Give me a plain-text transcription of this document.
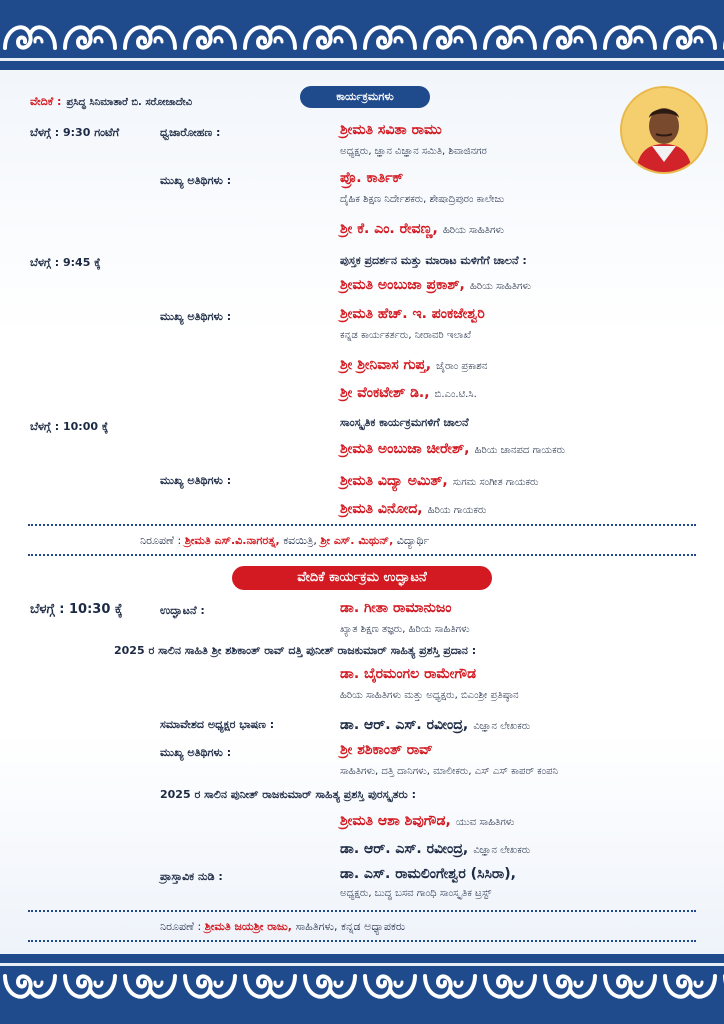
ವೇದಿಕೆ : ಪ್ರಸಿದ್ಧ ಸಿನಿಮಾತಾರೆ ಬಿ. ಸರೋಜಾದೇವಿ	ಕಾರ್ಯಕ್ರಮಗಳು
ಬೆಳಗ್ಗೆ : 9:30 ಗಂಟೆಗೆ	ಧ್ವಜಾರೋಹಣ :	ಶ್ರೀಮತಿ ಸವಿತಾ ರಾಮು
ಅಧ್ಯಕ್ಷರು, ಜ್ಞಾನ ವಿಜ್ಞಾನ ಸಮಿತಿ, ಶಿವಾಜಿನಗರ
ಮುಖ್ಯ ಅತಿಥಿಗಳು :	ಪ್ರೊ. ಕಾರ್ತಿಕ್
ದೈಹಿಕ ಶಿಕ್ಷಣ ನಿರ್ದೇಶಕರು, ಶೇಷಾದ್ರಿಪುರಂ ಕಾಲೇಜು
ಶ್ರೀ ಕೆ. ಎಂ. ರೇವಣ್ಣ, ಹಿರಿಯ ಸಾಹಿತಿಗಳು
ಬೆಳಗ್ಗೆ : 9:45 ಕ್ಕೆ	ಪುಸ್ತಕ ಪ್ರದರ್ಶನ ಮತ್ತು ಮಾರಾಟ ಮಳಿಗೆಗೆ ಚಾಲನೆ :
ಶ್ರೀಮತಿ ಅಂಬುಜಾ ಪ್ರಕಾಶ್, ಹಿರಿಯ ಸಾಹಿತಿಗಳು
ಮುಖ್ಯ ಅತಿಥಿಗಳು :	ಶ್ರೀಮತಿ ಹೆಚ್. ಇ. ಪಂಕಜೇಶ್ವರಿ
ಕನ್ನಡ ಕಾರ್ಯಕರ್ತರು, ನೀರಾವರಿ ಇಲಾಖೆ
ಶ್ರೀ ಶ್ರೀನಿವಾಸ ಗುಪ್ತ, ಜೈರಾಂ ಪ್ರಕಾಶನ
ಶ್ರೀ ವೆಂಕಟೇಶ್ ಡಿ., ಬಿ.ಎಂ.ಟಿ.ಸಿ.
ಬೆಳಗ್ಗೆ : 10:00 ಕ್ಕೆ	ಸಾಂಸ್ಕೃತಿಕ ಕಾರ್ಯಕ್ರಮಗಳಿಗೆ ಚಾಲನೆ
ಶ್ರೀಮತಿ ಅಂಬುಜಾ ಚೀರೇಶ್, ಹಿರಿಯ ಜಾನಪದ ಗಾಯಕರು
ಮುಖ್ಯ ಅತಿಥಿಗಳು :	ಶ್ರೀಮತಿ ವಿದ್ಯಾ ಅಮಿತ್, ಸುಗಮ ಸಂಗೀತ ಗಾಯಕರು
ಶ್ರೀಮತಿ ವಿನೋದ, ಹಿರಿಯ ಗಾಯಕರು
ನಿರೂಪಣೆ : ಶ್ರೀಮತಿ ಎಸ್.ವಿ.ನಾಗರತ್ನ, ಕವಯಿತ್ರಿ, ಶ್ರೀ ಎಸ್. ಮಿಥುನ್, ವಿದ್ಯಾರ್ಥಿ
ವೇದಿಕೆ ಕಾರ್ಯಕ್ರಮ ಉದ್ಘಾಟನೆ
ಬೆಳಗ್ಗೆ : 10:30 ಕ್ಕೆ	ಉದ್ಘಾಟನೆ :	ಡಾ. ಗೀತಾ ರಾಮಾನುಜಂ
ಖ್ಯಾತ ಶಿಕ್ಷಣ ತಜ್ಞರು, ಹಿರಿಯ ಸಾಹಿತಿಗಳು
2025 ರ ಸಾಲಿನ ಸಾಹಿತಿ ಶ್ರೀ ಶಶಿಕಾಂತ್ ರಾವ್ ದತ್ತಿ ಪುನೀತ್ ರಾಜಕುಮಾರ್ ಸಾಹಿತ್ಯ ಪ್ರಶಸ್ತಿ ಪ್ರದಾನ :
ಡಾ. ಬೈರಮಂಗಲ ರಾಮೇಗೌಡ
ಹಿರಿಯ ಸಾಹಿತಿಗಳು ಮತ್ತು ಅಧ್ಯಕ್ಷರು, ಬಿಎಂಶ್ರೀ ಪ್ರತಿಷ್ಠಾನ
ಸಮಾವೇಶದ ಅಧ್ಯಕ್ಷರ ಭಾಷಣ :	ಡಾ. ಆರ್. ಎಸ್. ರವೀಂದ್ರ, ವಿಜ್ಞಾನ ಲೇಖಕರು
ಮುಖ್ಯ ಅತಿಥಿಗಳು :	ಶ್ರೀ ಶಶಿಕಾಂತ್ ರಾವ್
ಸಾಹಿತಿಗಳು, ದತ್ತಿ ದಾನಿಗಳು, ಮಾಲೀಕರು, ಎಸ್ ಎಸ್ ಕಾಪರ್ ಕಂಪನಿ
2025 ರ ಸಾಲಿನ ಪುನೀತ್ ರಾಜಕುಮಾರ್ ಸಾಹಿತ್ಯ ಪ್ರಶಸ್ತಿ ಪುರಸ್ಕೃತರು :
ಶ್ರೀಮತಿ ಆಶಾ ಶಿವುಗೌಡ, ಯುವ ಸಾಹಿತಿಗಳು
ಡಾ. ಆರ್. ಎಸ್. ರವೀಂದ್ರ, ವಿಜ್ಞಾನ ಲೇಖಕರು
ಪ್ರಾಸ್ತಾವಿಕ ನುಡಿ :	ಡಾ. ಎಸ್. ರಾಮಲಿಂಗೇಶ್ವರ (ಸಿಸಿರಾ),
ಅಧ್ಯಕ್ಷರು, ಬುದ್ಧ ಬಸವ ಗಾಂಧಿ ಸಾಂಸ್ಕೃತಿಕ ಟ್ರಸ್ಟ್
ನಿರೂಪಣೆ : ಶ್ರೀಮತಿ ಜಯಶ್ರೀ ರಾಜು, ಸಾಹಿತಿಗಳು, ಕನ್ನಡ ಅಧ್ಯಾಪಕರು
